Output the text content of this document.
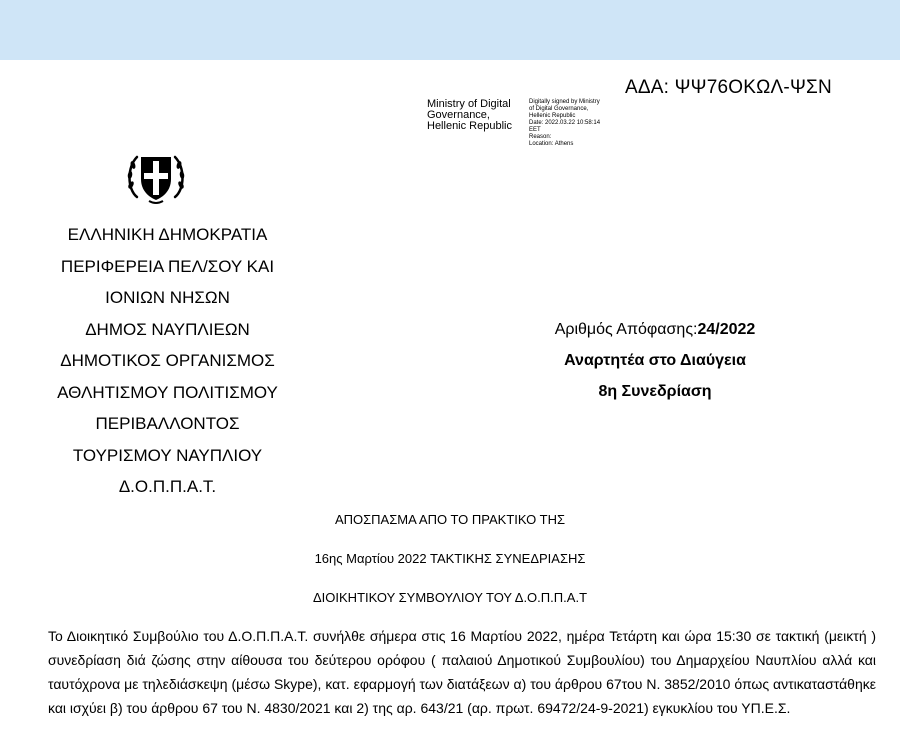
ΑΔΑ: ΨΨ76ΟΚΩΛ-ΨΣΝ
Ministry of Digital
Governance,
Hellenic Republic
Digitally signed by Ministry
of Digital Governance,
Hellenic Republic
Date: 2022.03.22 10:58:14
EET
Reason:
Location: Athens
ΕΛΛΗΝΙΚΗ ΔΗΜΟΚΡΑΤΙΑ
ΠΕΡΙΦΕΡΕΙΑ ΠΕΛ/ΣΟΥ ΚΑΙ
ΙΟΝΙΩΝ ΝΗΣΩΝ
ΔΗΜΟΣ ΝΑΥΠΛΙΕΩΝ
ΔΗΜΟΤΙΚΟΣ ΟΡΓΑΝΙΣΜΟΣ
ΑΘΛΗΤΙΣΜΟΥ ΠΟΛΙΤΙΣΜΟΥ
ΠΕΡΙΒΑΛΛΟΝΤΟΣ
ΤΟΥΡΙΣΜΟΥ ΝΑΥΠΛΙΟΥ
Δ.Ο.Π.Π.Α.Τ.
Αριθμός Απόφασης:24/2022
Αναρτητέα στο Διαύγεια
8η Συνεδρίαση
ΑΠΟΣΠΑΣΜΑ ΑΠΟ ΤΟ ΠΡΑΚΤΙΚΟ ΤΗΣ
16ης Μαρτίου 2022 ΤΑΚΤΙΚΗΣ ΣΥΝΕΔΡΙΑΣΗΣ
ΔΙΟΙΚΗΤΙΚΟΥ ΣΥΜΒΟΥΛΙΟΥ ΤΟΥ Δ.Ο.Π.Π.Α.Τ
Το Διοικητικό Συμβούλιο του Δ.Ο.Π.Π.Α.Τ. συνήλθε σήμερα στις 16 Μαρτίου 2022, ημέρα Τετάρτη και ώρα 15:30 σε τακτική (μεικτή ) συνεδρίαση διά ζώσης στην αίθουσα του δεύτερου ορόφου ( παλαιού Δημοτικού Συμβουλίου) του Δημαρχείου Ναυπλίου αλλά και ταυτόχρονα με τηλεδιάσκεψη (μέσω Skype), κατ. εφαρμογή των διατάξεων α) του άρθρου 67του Ν. 3852/2010 όπως αντικαταστάθηκε και ισχύει β) του άρθρου 67 του Ν. 4830/2021 και 2) της αρ. 643/21 (αρ. πρωτ. 69472/24-9-2021) εγκυκλίου του ΥΠ.Ε.Σ.
